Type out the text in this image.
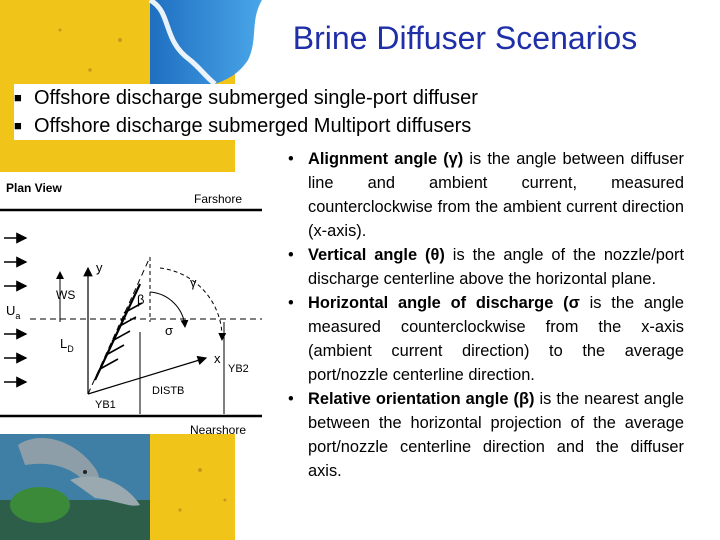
Brine Diffuser Scenarios
■ Offshore discharge submerged single-port diffuser
■ Offshore discharge submerged Multiport diffusers
Plan View
Farshore
Nearshore
$U_a$
y
x
WS
$L_D$
β
γ
σ
DISTB
YB1
YB2
• Alignment angle (γ) is the angle between diffuser line and ambient current, measured counterclockwise from the ambient current direction (x-axis).
• Vertical angle (θ) is the angle of the nozzle/port discharge centerline above the horizontal plane.
• Horizontal angle of discharge (σ is the angle measured counterclockwise from the x-axis (ambient current direction) to the average port/nozzle centerline direction.
• Relative orientation angle (β) is the nearest angle between the horizontal projection of the average port/nozzle centerline direction and the diffuser axis.
